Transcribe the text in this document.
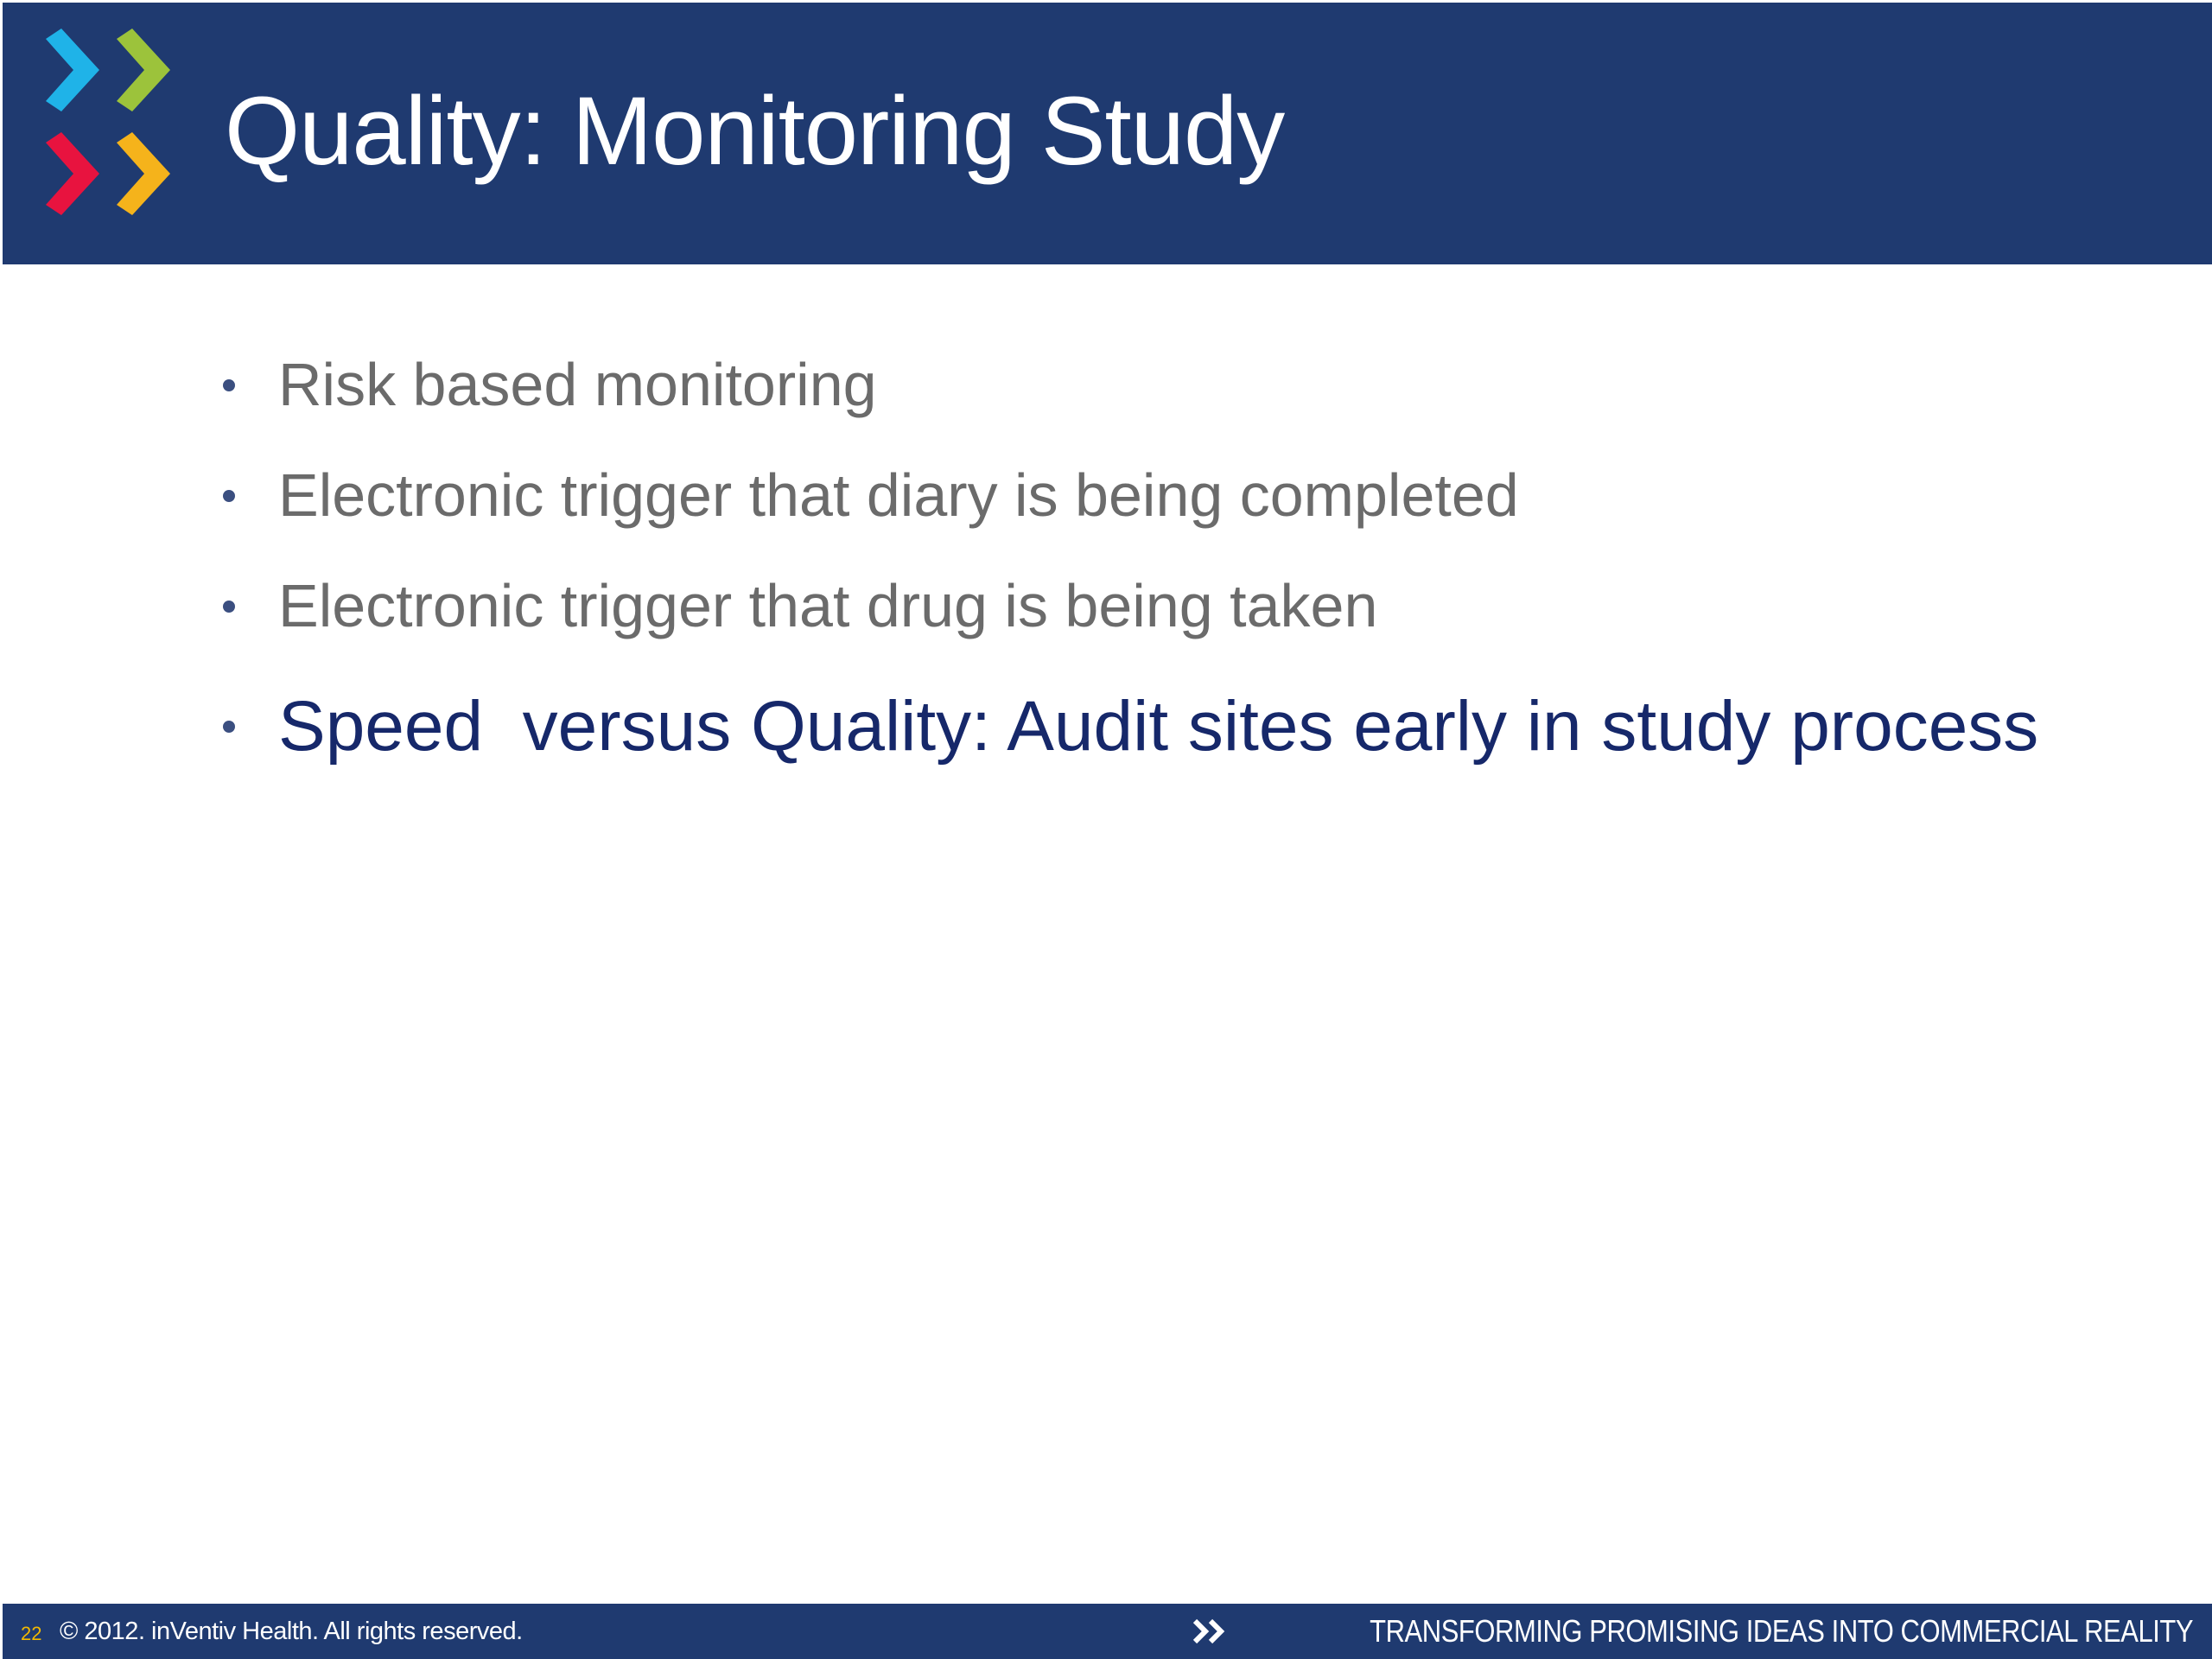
Quality: Monitoring Study
Risk based monitoring
Electronic trigger that diary is being completed
Electronic trigger that drug is being taken
Speed  versus Quality: Audit sites early in study process
22 © 2012. inVentiv Health. All rights reserved.	TRANSFORMING PROMISING IDEAS INTO COMMERCIAL REALITY
